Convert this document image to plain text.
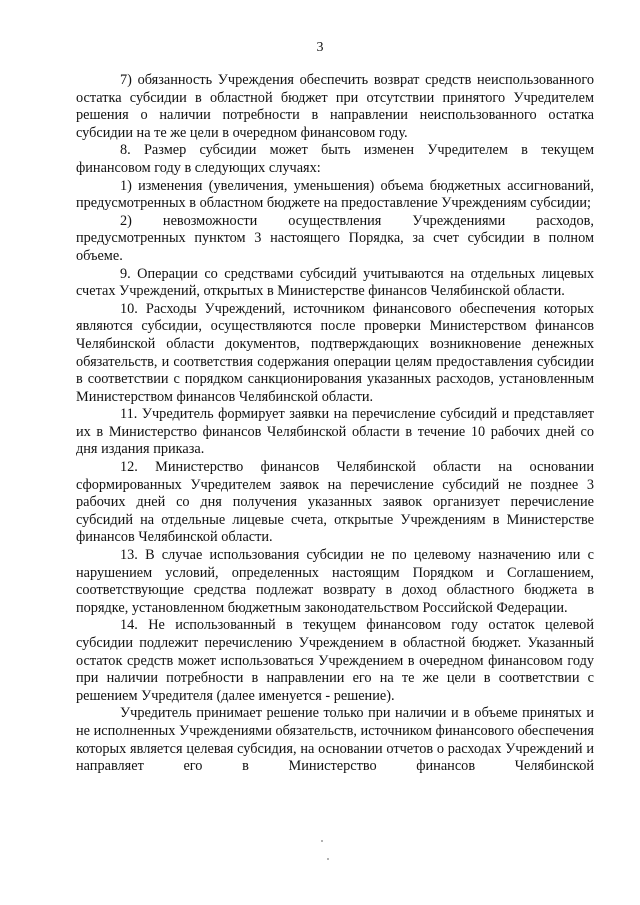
3

7) обязанность Учреждения обеспечить возврат средств неиспользованного остатка субсидии в областной бюджет при отсутствии принятого Учредителем решения о наличии потребности в направлении неиспользованного остатка субсидии на те же цели в очередном финансовом году.

8. Размер субсидии может быть изменен Учредителем в текущем финансовом году в следующих случаях:

1) изменения (увеличения, уменьшения) объема бюджетных ассигнований, предусмотренных в областном бюджете на предоставление Учреждениям субсидии;

2) невозможности осуществления Учреждениями расходов, предусмотренных пунктом 3 настоящего Порядка, за счет субсидии в полном объеме.

9. Операции со средствами субсидий учитываются на отдельных лицевых счетах Учреждений, открытых в Министерстве финансов Челябинской области.

10. Расходы Учреждений, источником финансового обеспечения которых являются субсидии, осуществляются после проверки Министерством финансов Челябинской области документов, подтверждающих возникновение денежных обязательств, и соответствия содержания операции целям предоставления субсидии в соответствии с порядком санкционирования указанных расходов, установленным Министерством финансов Челябинской области.

11. Учредитель формирует заявки на перечисление субсидий и представляет их в Министерство финансов Челябинской области в течение 10 рабочих дней со дня издания приказа.

12. Министерство финансов Челябинской области на основании сформированных Учредителем заявок на перечисление субсидий не позднее 3 рабочих дней со дня получения указанных заявок организует перечисление субсидий на отдельные лицевые счета, открытые Учреждениям в Министерстве финансов Челябинской области.

13. В случае использования субсидии не по целевому назначению или с нарушением условий, определенных настоящим Порядком и Соглашением, соответствующие средства подлежат возврату в доход областного бюджета в порядке, установленном бюджетным законодательством Российской Федерации.

14. Не использованный в текущем финансовом году остаток целевой субсидии подлежит перечислению Учреждением в областной бюджет. Указанный остаток средств может использоваться Учреждением в очередном финансовом году при наличии потребности в направлении его на те же цели в соответствии с решением Учредителя (далее именуется - решение).

Учредитель принимает решение только при наличии и в объеме принятых и не исполненных Учреждениями обязательств, источником финансового обеспечения которых является целевая субсидия, на основании отчетов о расходах Учреждений и направляет его в Министерство финансов Челябинской
